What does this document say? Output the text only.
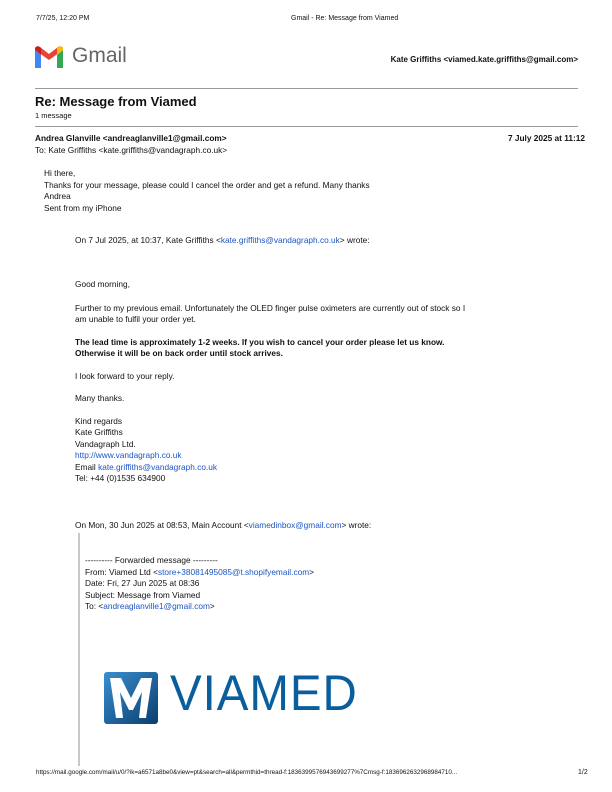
7/7/25, 12:20 PM	Gmail - Re: Message from Viamed
Gmail	Kate Griffiths <viamed.kate.griffiths@gmail.com>
Re: Message from Viamed
1 message
Andrea Glanville <andreaglanville1@gmail.com>	7 July 2025 at 11:12
To: Kate Griffiths <kate.griffiths@vandagraph.co.uk>
Hi there,
Thanks for your message, please could I cancel the order and get a refund. Many thanks
Andrea
Sent from my iPhone
On 7 Jul 2025, at 10:37, Kate Griffiths <kate.griffiths@vandagraph.co.uk> wrote:
Good morning,
Further to my previous email. Unfortunately the OLED finger pulse oximeters are currently out of stock so I
am unable to fulfil your order yet.
The lead time is approximately 1-2 weeks. If you wish to cancel your order please let us know.
Otherwise it will be on back order until stock arrives.
I look forward to your reply.
Many thanks.
Kind regards
Kate Griffiths
Vandagraph Ltd.
http://www.vandagraph.co.uk
Email kate.griffiths@vandagraph.co.uk
Tel: +44 (0)1535 634900
On Mon, 30 Jun 2025 at 08:53, Main Account <viamedinbox@gmail.com> wrote:
---------- Forwarded message ---------
From: Viamed Ltd <store+38081495085@t.shopifyemail.com>
Date: Fri, 27 Jun 2025 at 08:36
Subject: Message from Viamed
To: <andreaglanville1@gmail.com>
VIAMED
https://mail.google.com/mail/u/0/?ik=a6571a8be0&view=pt&search=all&permthid=thread-f:1836399576943699277%7Cmsg-f:1836962632968984710...	1/2
